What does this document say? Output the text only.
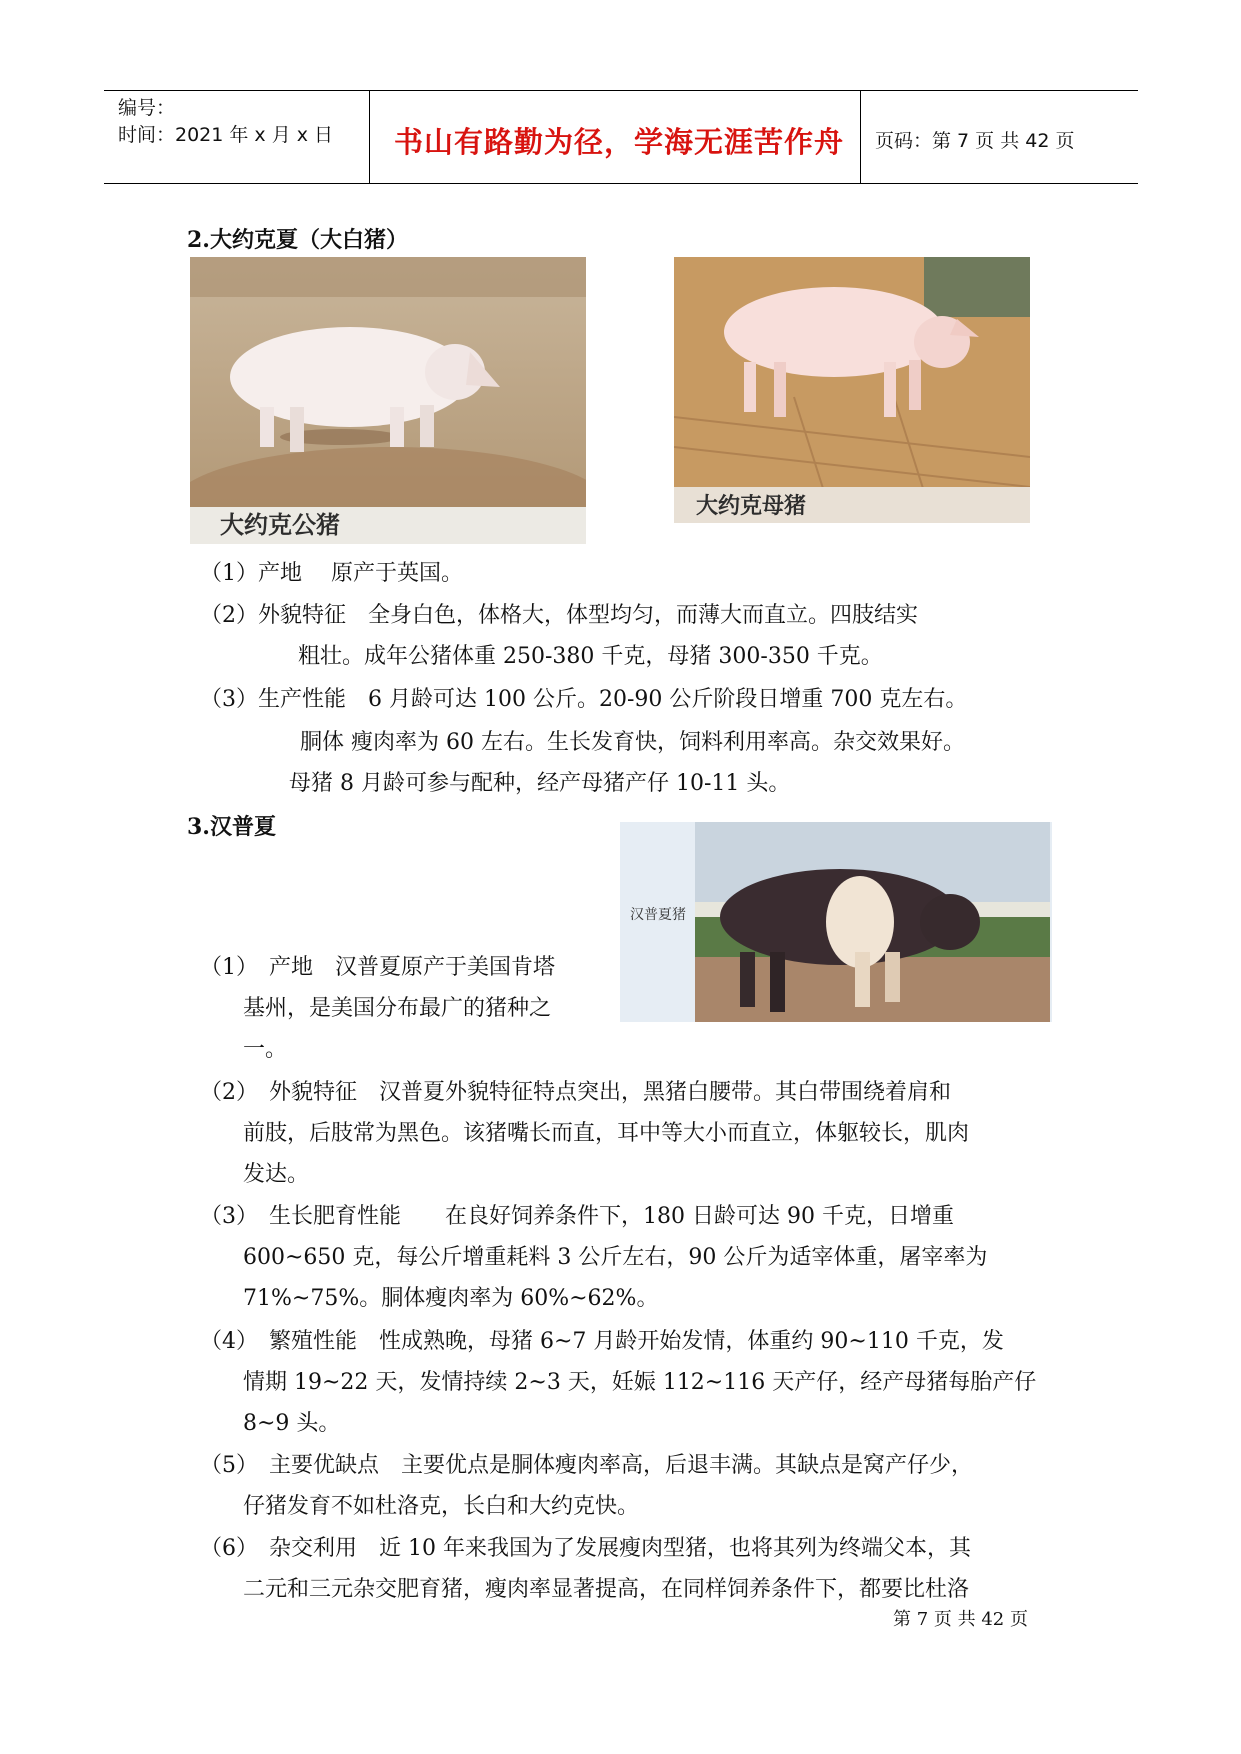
编号：
时间：2021 年 x 月 x 日 书山有路勤为径，学海无涯苦作舟 页码：第 7 页 共 42 页
2.大约克夏（大白猪）
大约克公猪
大约克母猪
（1）产地　 原产于英国。
（2）外貌特征　全身白色，体格大，体型均匀，而薄大而直立。四肢结实
粗壮。成年公猪体重 250-380 千克，母猪 300-350 千克。
（3）生产性能　6 月龄可达 100 公斤。20-90 公斤阶段日增重 700 克左右。
胴体 瘦肉率为 60 左右。生长发育快，饲料利用率高。杂交效果好。
母猪 8 月龄可参与配种，经产母猪产仔 10-11 头。
3.汉普夏
汉普夏猪
（1）　产地　汉普夏原产于美国肯塔
基州，是美国分布最广的猪种之
一。
（2）　外貌特征　汉普夏外貌特征特点突出，黑猪白腰带。其白带围绕着肩和
前肢，后肢常为黑色。该猪嘴长而直，耳中等大小而直立，体躯较长，肌肉
发达。
（3）　生长肥育性能　　在良好饲养条件下，180 日龄可达 90 千克，日增重
600~650 克，每公斤增重耗料 3 公斤左右，90 公斤为适宰体重，屠宰率为
71%~75%。胴体瘦肉率为 60%~62%。
（4）　繁殖性能　性成熟晚，母猪 6~7 月龄开始发情，体重约 90~110 千克，发
情期 19~22 天，发情持续 2~3 天，妊娠 112~116 天产仔，经产母猪每胎产仔
8~9 头。
（5）　主要优缺点　主要优点是胴体瘦肉率高，后退丰满。其缺点是窝产仔少，
仔猪发育不如杜洛克，长白和大约克快。
（6）　杂交利用　近 10 年来我国为了发展瘦肉型猪，也将其列为终端父本，其
二元和三元杂交肥育猪，瘦肉率显著提高，在同样饲养条件下，都要比杜洛
第 7 页 共 42 页
